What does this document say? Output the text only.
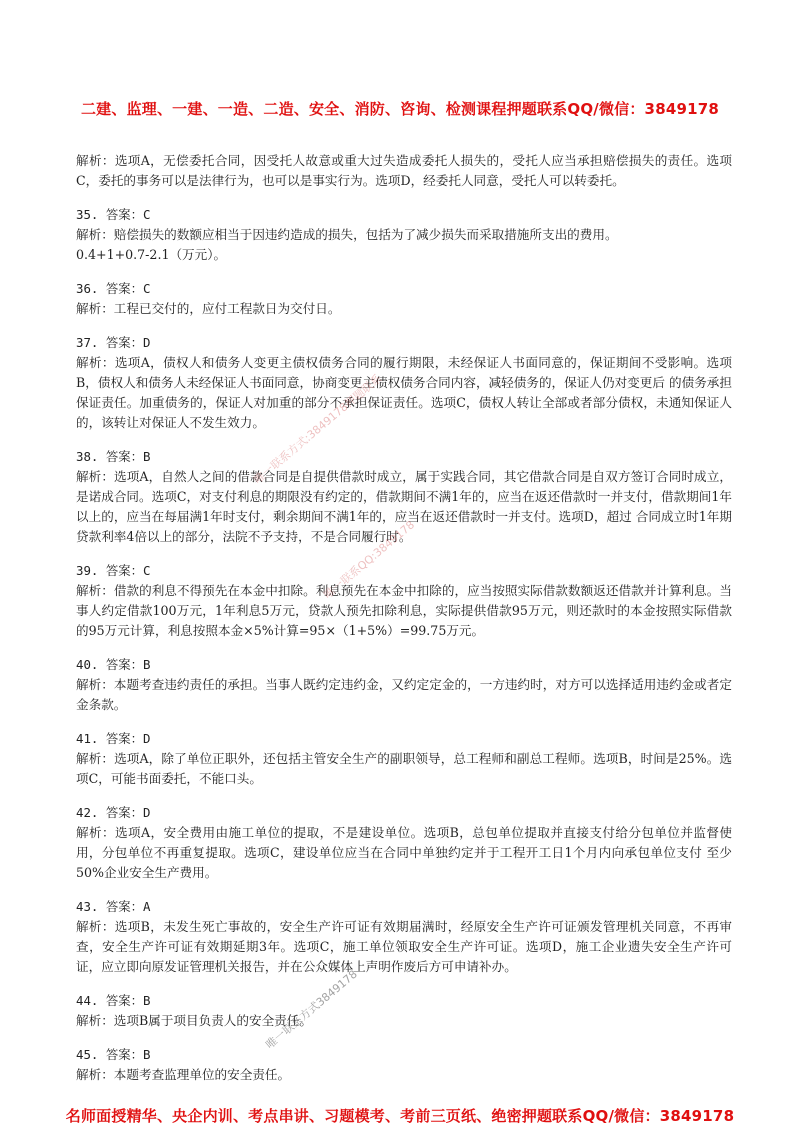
二建、监理、一建、一造、二造、安全、消防、咨询、检测课程押题联系QQ/微信：3849178
解析：选项A，无偿委托合同，因受托人故意或重大过失造成委托人损失的，受托人应当承担赔偿损失的责任。选项C，委托的事务可以是法律行为，也可以是事实行为。选项D，经委托人同意，受托人可以转委托。
35. 答案：C
解析：赔偿损失的数额应相当于因违约造成的损失，包括为了减少损失而采取措施所支出的费用。
0.4+1+0.7-2.1（万元）。
36. 答案：C
解析：工程已交付的，应付工程款日为交付日。
37. 答案：D
解析：选项A，债权人和债务人变更主债权债务合同的履行期限，未经保证人书面同意的，保证期间不受影响。选项B，债权人和债务人未经保证人书面同意，协商变更主债权债务合同内容，减轻债务的，保证人仍对变更后 的债务承担保证责任。加重债务的，保证人对加重的部分不承担保证责任。选项C，债权人转让全部或者部分债权，未通知保证人的，该转让对保证人不发生效力。
38. 答案：B
解析：选项A，自然人之间的借款合同是自提供借款时成立，属于实践合同，其它借款合同是自双方签订合同时成立，是诺成合同。选项C，对支付利息的期限没有约定的，借款期间不满1年的，应当在返还借款时一并支付，借款期间1年以上的，应当在每届满1年时支付，剩余期间不满1年的，应当在返还借款时一并支付。选项D，超过 合同成立时1年期贷款利率4倍以上的部分，法院不予支持，不是合同履行时。
39. 答案：C
解析：借款的利息不得预先在本金中扣除。利息预先在本金中扣除的，应当按照实际借款数额返还借款并计算利息。当事人约定借款100万元，1年利息5万元，贷款人预先扣除利息，实际提供借款95万元，则还款时的本金按照实际借款的95万元计算，利息按照本金×5%计算=95×（1+5%）=99.75万元。
40. 答案：B
解析：本题考查违约责任的承担。当事人既约定违约金，又约定定金的，一方违约时，对方可以选择适用违约金或者定金条款。
41. 答案：D
解析：选项A，除了单位正职外，还包括主管安全生产的副职领导，总工程师和副总工程师。选项B，时间是25%。选项C，可能书面委托，不能口头。
42. 答案：D
解析：选项A，安全费用由施工单位的提取，不是建设单位。选项B，总包单位提取并直接支付给分包单位并监督使用，分包单位不再重复提取。选项C，建设单位应当在合同中单独约定并于工程开工日1个月内向承包单位支付 至少50%企业安全生产费用。
43. 答案：A
解析：选项B，未发生死亡事故的，安全生产许可证有效期届满时，经原安全生产许可证颁发管理机关同意，不再审查，安全生产许可证有效期延期3年。选项C，施工单位领取安全生产许可证。选项D，施工企业遗失安全生产许可证，应立即向原发证管理机关报告，并在公众媒体上声明作废后方可申请补办。
44. 答案：B
解析：选项B属于项目负责人的安全责任。
45. 答案：B
解析：本题考查监理单位的安全责任。
唯一联系方式:3849178押题联系
唯一联系QQ:3849178
唯一联系方式3849178
名师面授精华、央企内训、考点串讲、习题模考、考前三页纸、绝密押题联系QQ/微信：3849178
